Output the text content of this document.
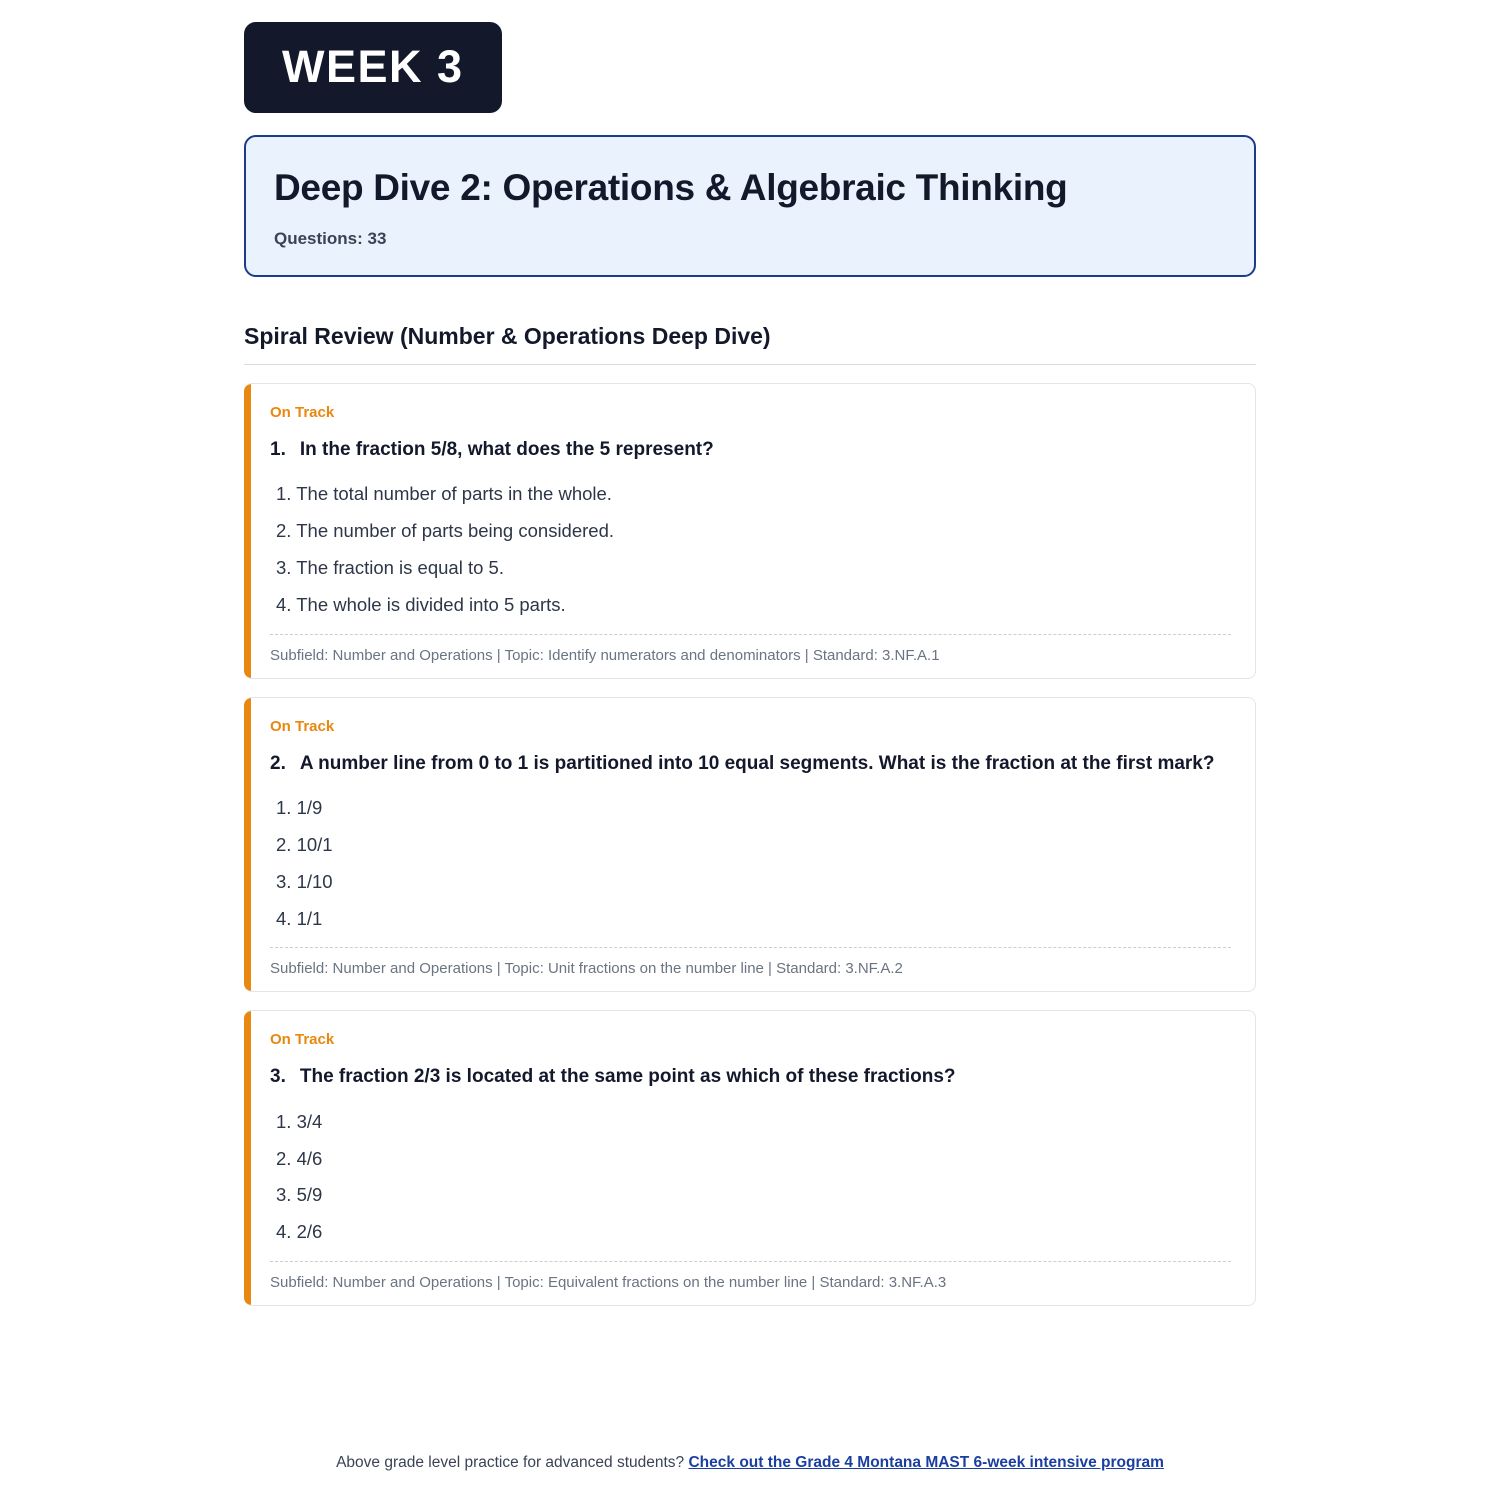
WEEK 3
Deep Dive 2: Operations & Algebraic Thinking
Questions: 33
Spiral Review (Number & Operations Deep Dive)
On Track
1. In the fraction 5/8, what does the 5 represent?
1. The total number of parts in the whole.
2. The number of parts being considered.
3. The fraction is equal to 5.
4. The whole is divided into 5 parts.
Subfield: Number and Operations | Topic: Identify numerators and denominators | Standard: 3.NF.A.1
On Track
2. A number line from 0 to 1 is partitioned into 10 equal segments. What is the fraction at the first mark?
1. 1/9
2. 10/1
3. 1/10
4. 1/1
Subfield: Number and Operations | Topic: Unit fractions on the number line | Standard: 3.NF.A.2
On Track
3. The fraction 2/3 is located at the same point as which of these fractions?
1. 3/4
2. 4/6
3. 5/9
4. 2/6
Subfield: Number and Operations | Topic: Equivalent fractions on the number line | Standard: 3.NF.A.3
Above grade level practice for advanced students? Check out the Grade 4 Montana MAST 6-week intensive program
